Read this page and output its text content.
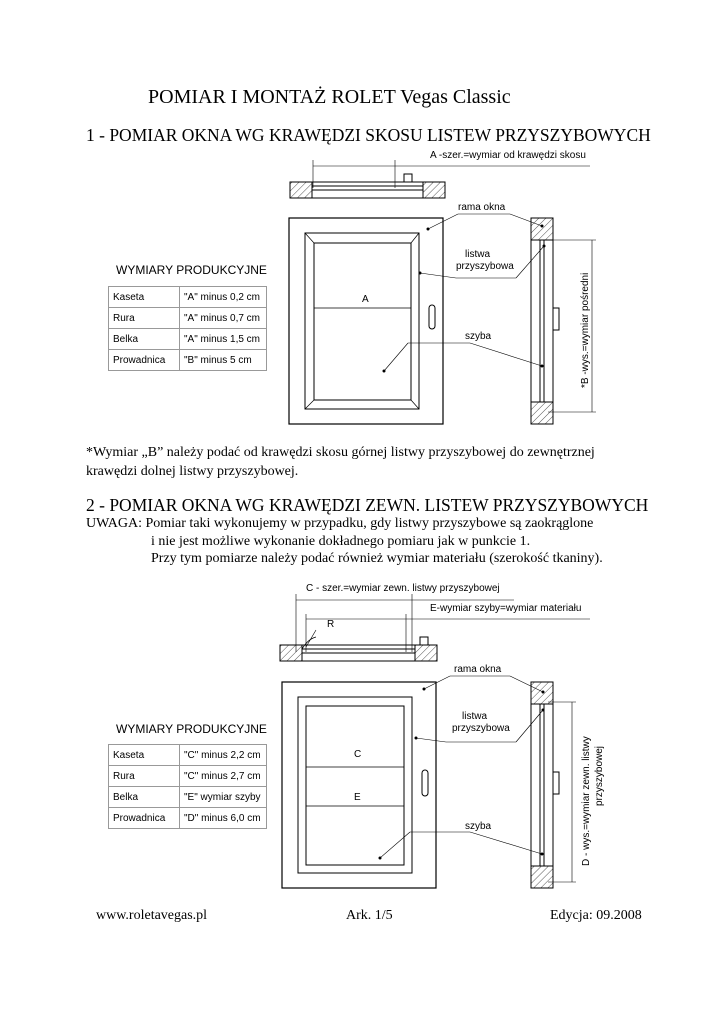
POMIAR I MONTAŻ ROLET Vegas Classic
1 - POMIAR OKNA WG KRAWĘDZI SKOSU LISTEW PRZYSZYBOWYCH
A -szer.=wymiar od krawędzi skosu
rama okna
listwa
przyszybowa
A
szyba	*B -wys.=wymiar pośredni
WYMIARY PRODUKCYJNE
Kaseta	"A" minus 0,2 cm
Rura	"A" minus 0,7 cm
Belka	"A" minus 1,5 cm
Prowadnica	"B" minus 5 cm
*Wymiar „B” należy podać od krawędzi skosu górnej listwy przyszybowej do zewnętrznej
krawędzi dolnej listwy przyszybowej.
2 - POMIAR OKNA WG KRAWĘDZI ZEWN. LISTEW PRZYSZYBOWYCH
UWAGA: Pomiar taki wykonujemy w przypadku, gdy listwy przyszybowe są zaokrąglone
i nie jest możliwe wykonanie dokładnego pomiaru jak w punkcie 1.
Przy tym pomiarze należy podać również wymiar materiału (szerokość tkaniny).
C - szer.=wymiar zewn. listwy przyszybowej
E-wymiar szyby=wymiar materiału
R
rama okna
listwa
przyszybowa
C
E
szyba	D - wys.=wymiar zewn. listwy przyszybowej
WYMIARY PRODUKCYJNE
Kaseta	"C" minus 2,2 cm
Rura	"C" minus 2,7 cm
Belka	"E" wymiar szyby
Prowadnica	"D" minus 6,0 cm
www.roletavegas.pl	Ark. 1/5	Edycja: 09.2008
